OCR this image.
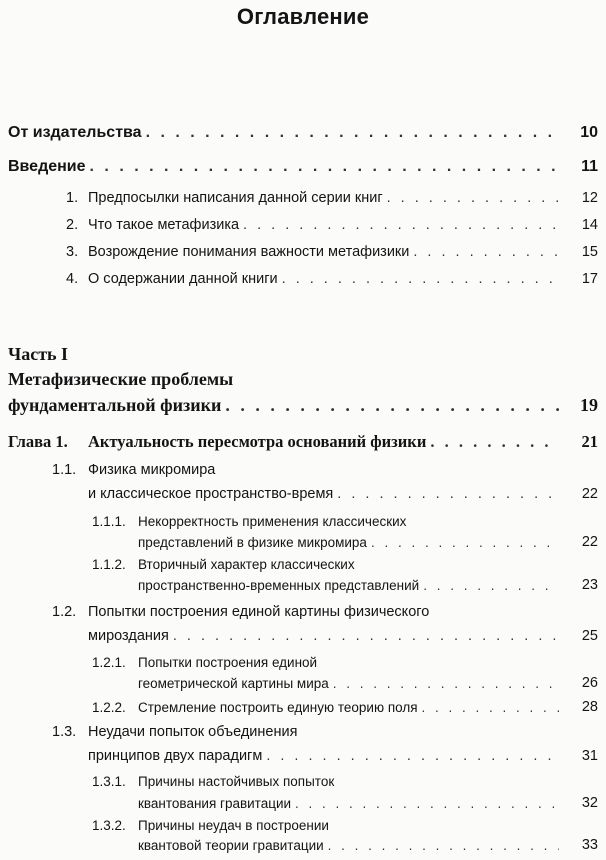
Оглавление
От издательства . . .	10
Введение . . .	11
1. Предпосылки написания данной серии книг . . .	12
2. Что такое метафизика . . .	14
3. Возрождение понимания важности метафизики . . .	15
4. О содержании данной книги . . .	17
Часть I
Метафизические проблемы
фундаментальной физики . . .	19
Глава 1. Актуальность пересмотра оснований физики . . .	21
1.1. Физика микромира
и классическое пространство-время . . .	22
1.1.1. Некорректность применения классических
представлений в физике микромира . . .	22
1.1.2. Вторичный характер классических
пространственно-временных представлений . . .	23
1.2. Попытки построения единой картины физического
мироздания . . .	25
1.2.1. Попытки построения единой
геометрической картины мира . . .	26
1.2.2. Стремление построить единую теорию поля . . .	28
1.3. Неудачи попыток объединения
принципов двух парадигм . . .	31
1.3.1. Причины настойчивых попыток
квантования гравитации . . .	32
1.3.2. Причины неудач в построении
квантовой теории гравитации . . .	33
